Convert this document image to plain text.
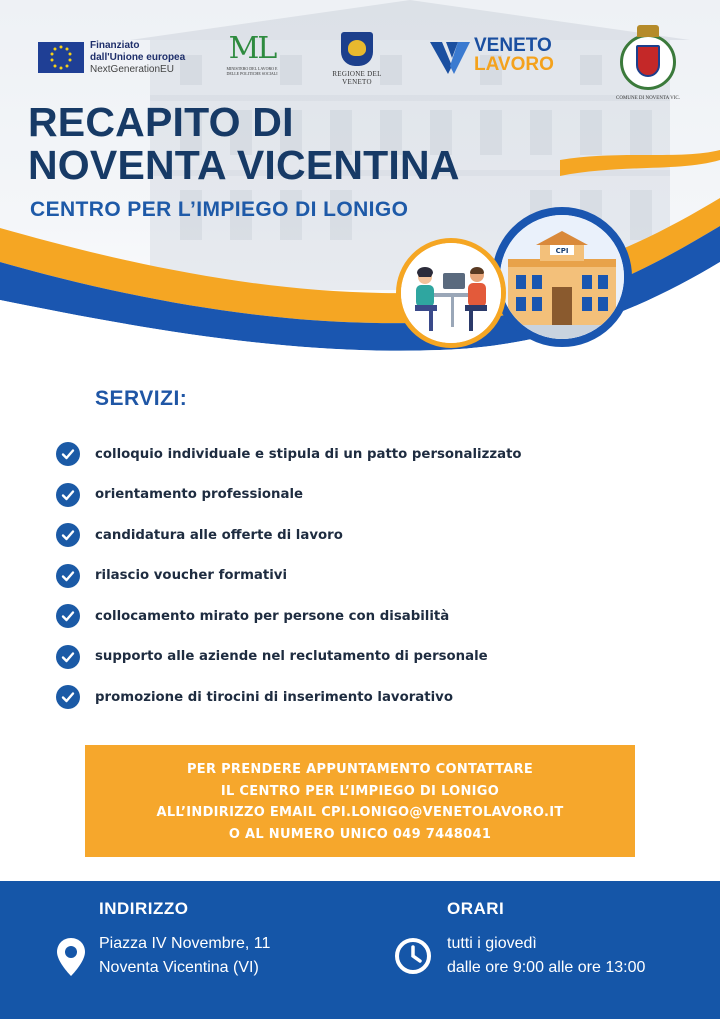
Finanziato
dall'Unione europea
NextGenerationEU
ML
MINISTERO DEL LAVORO E DELLE POLITICHE SOCIALI	REGIONE DEL VENETO
VENETO
LAVORO
COMUNE DI NOVENTA VIC.
RECAPITO DI
NOVENTA VICENTINA
CENTRO PER L’IMPIEGO DI LONIGO
CPI
SERVIZI:
colloquio individuale e stipula di un patto personalizzato
orientamento professionale
candidatura alle offerte di lavoro
rilascio voucher formativi
collocamento mirato per persone con disabilità
supporto alle aziende nel reclutamento di personale
promozione di tirocini di inserimento lavorativo
PER PRENDERE APPUNTAMENTO CONTATTARE
IL CENTRO PER L’IMPIEGO DI LONIGO
ALL’INDIRIZZO EMAIL CPI.LONIGO@VENETOLAVORO.IT
O AL NUMERO UNICO 049 7448041
INDIRIZZO
Piazza IV Novembre, 11
Noventa Vicentina (VI)
ORARI
tutti i giovedì
dalle ore 9:00 alle ore 13:00
